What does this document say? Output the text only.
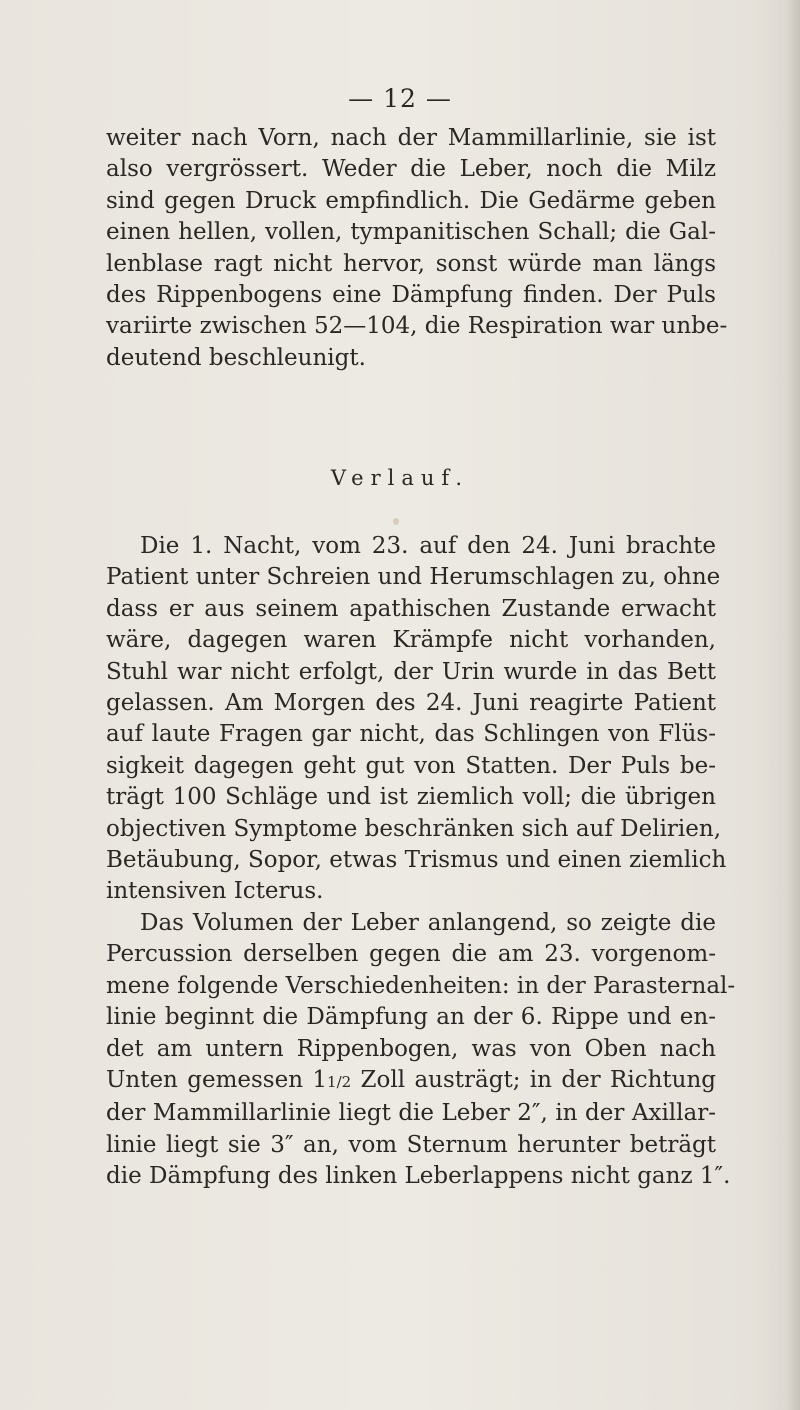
— 12 —

weiter nach Vorn, nach der Mammillarlinie, sie ist
also vergrössert. Weder die Leber, noch die Milz
sind gegen Druck empfindlich. Die Gedärme geben
einen hellen, vollen, tympanitischen Schall; die Gal-
lenblase ragt nicht hervor, sonst würde man längs
des Rippenbogens eine Dämpfung finden. Der Puls
variirte zwischen 52—104, die Respiration war unbe-
deutend beschleunigt.

Verlauf.

Die 1. Nacht, vom 23. auf den 24. Juni brachte
Patient unter Schreien und Herumschlagen zu, ohne
dass er aus seinem apathischen Zustande erwacht
wäre, dagegen waren Krämpfe nicht vorhanden,
Stuhl war nicht erfolgt, der Urin wurde in das Bett
gelassen. Am Morgen des 24. Juni reagirte Patient
auf laute Fragen gar nicht, das Schlingen von Flüs-
sigkeit dagegen geht gut von Statten. Der Puls be-
trägt 100 Schläge und ist ziemlich voll; die übrigen
objectiven Symptome beschränken sich auf Delirien,
Betäubung, Sopor, etwas Trismus und einen ziemlich
intensiven Icterus.

Das Volumen der Leber anlangend, so zeigte die
Percussion derselben gegen die am 23. vorgenom-
mene folgende Verschiedenheiten: in der Parasternal-
linie beginnt die Dämpfung an der 6. Rippe und en-
det am untern Rippenbogen, was von Oben nach
Unten gemessen 11/2 Zoll austrägt; in der Richtung
der Mammillarlinie liegt die Leber 2″, in der Axillar-
linie liegt sie 3″ an, vom Sternum herunter beträgt
die Dämpfung des linken Leberlappens nicht ganz 1″.
